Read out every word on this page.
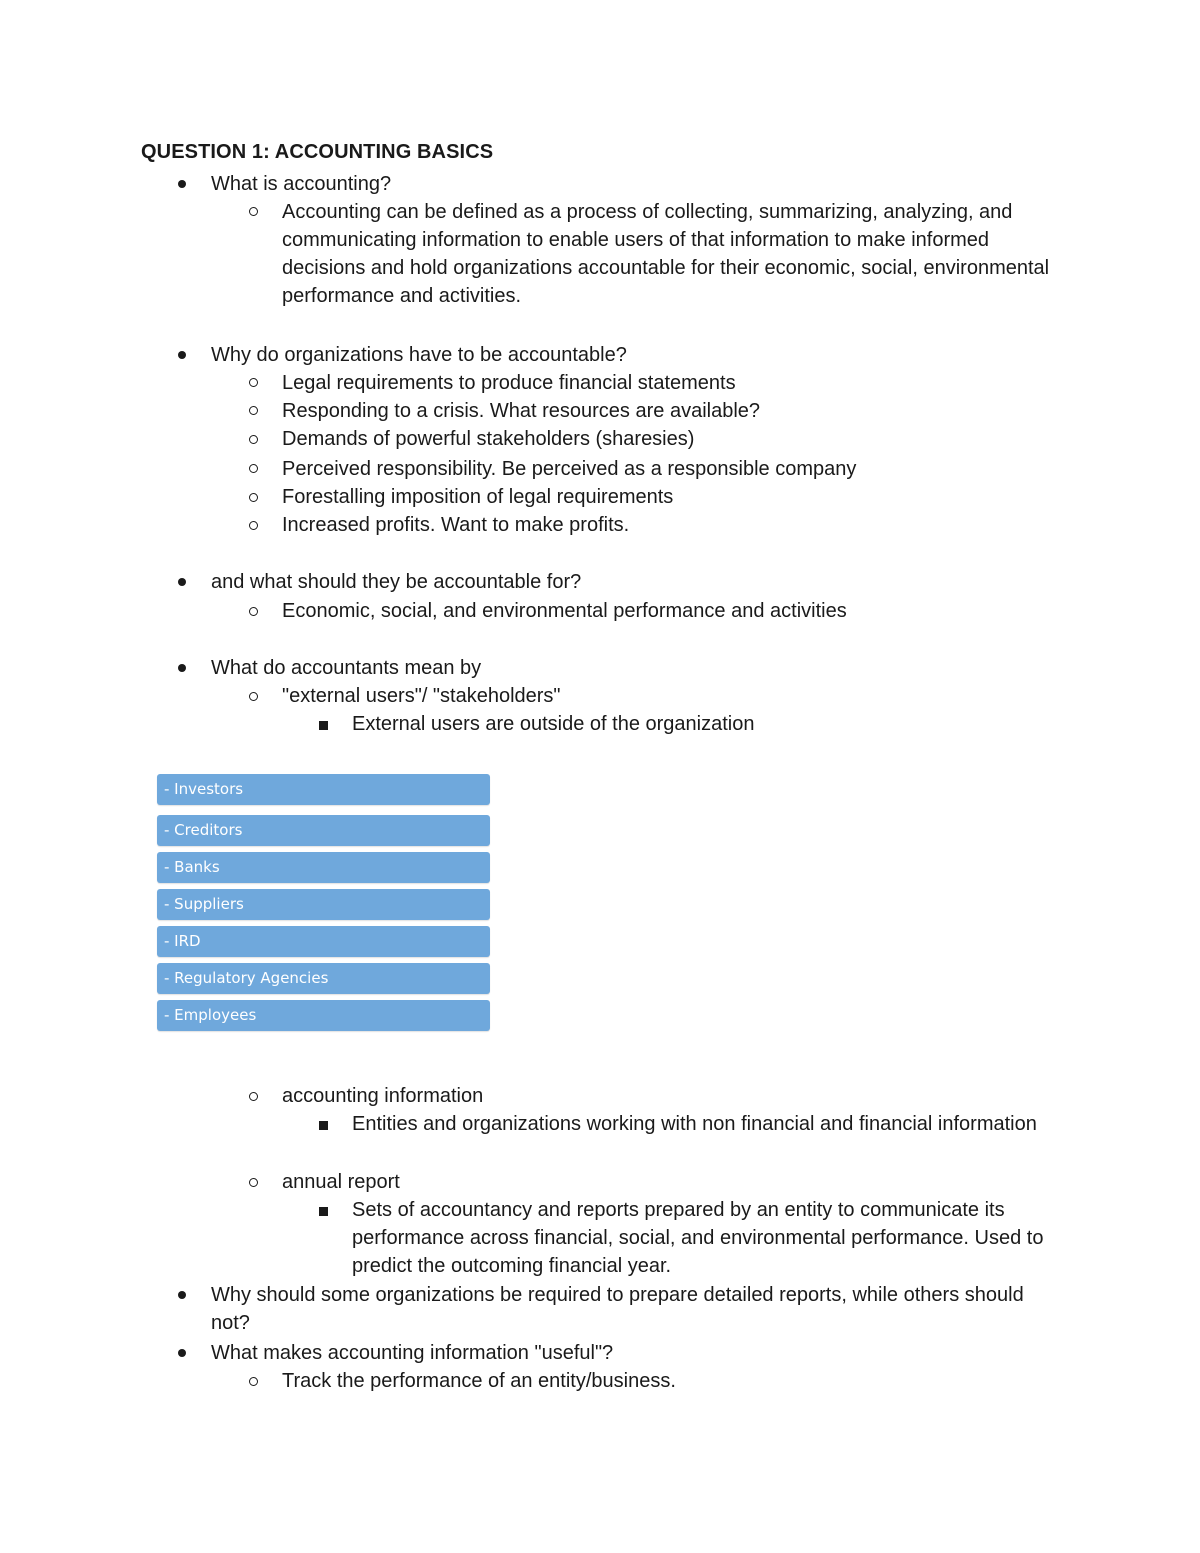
QUESTION 1: ACCOUNTING BASICS
What is accounting?
Accounting can be defined as a process of collecting, summarizing, analyzing, and communicating information to enable users of that information to make informed decisions and hold organizations accountable for their economic, social, environmental performance and activities.
Why do organizations have to be accountable?
Legal requirements to produce financial statements
Responding to a crisis. What resources are available?
Demands of powerful stakeholders (sharesies)
Perceived responsibility. Be perceived as a responsible company
Forestalling imposition of legal requirements
Increased profits. Want to make profits.
and what should they be accountable for?
Economic, social, and environmental performance and activities
What do accountants mean by
"external users"/ "stakeholders"
External users are outside of the organization
- Investors
- Creditors
- Banks
- Suppliers
- IRD
- Regulatory Agencies
- Employees
accounting information
Entities and organizations working with non financial and financial information
annual report
Sets of accountancy and reports prepared by an entity to communicate its performance across financial, social, and environmental performance. Used to predict the outcoming financial year.
Why should some organizations be required to prepare detailed reports, while others should not?
What makes accounting information "useful"?
Track the performance of an entity/business.
